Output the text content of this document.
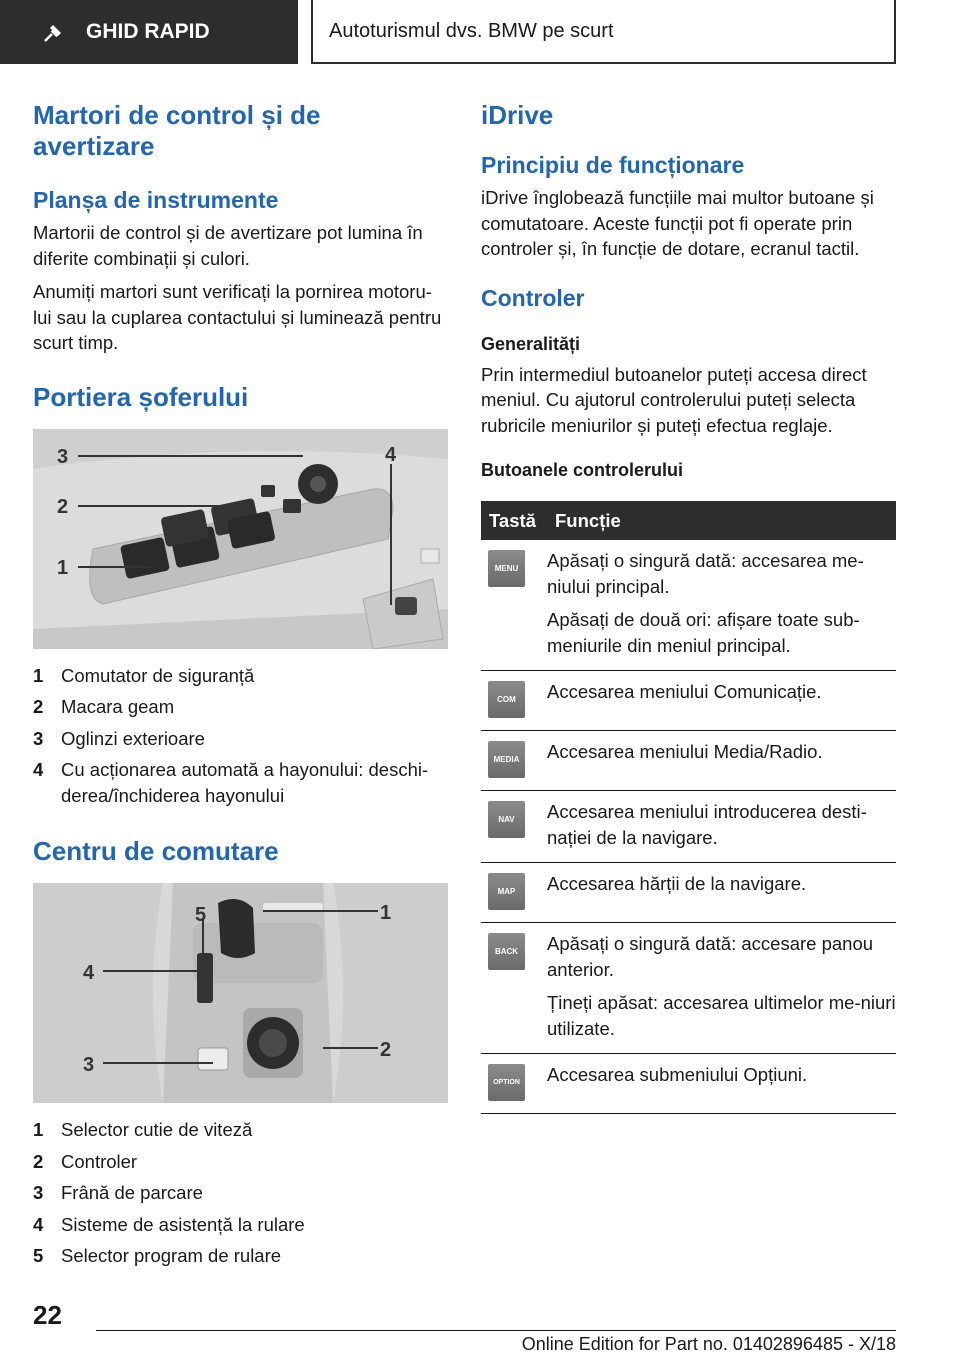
GHID RAPID	Autoturismul dvs. BMW pe scurt
Martori de control și de avertizare
Planșa de instrumente

Martorii de control și de avertizare pot lumina în diferite combinații și culori.

Anumiți martori sunt verificați la pornirea motoru-lui sau la cuplarea contactului și luminează pentru scurt timp.

Portiera șoferului
3
2
1
4
1 Comutator de siguranță
2 Macara geam
3 Oglinzi exterioare
4 Cu acționarea automată a hayonului: deschi-derea/închiderea hayonului
Centru de comutare
1
2
3
4
5
1 Selector cutie de viteză
2 Controler
3 Frână de parcare
4 Sisteme de asistență la rulare
5 Selector program de rulare
iDrive
Principiu de funcționare

iDrive înglobează funcțiile mai multor butoane și comutatoare. Aceste funcții pot fi operate prin controler și, în funcție de dotare, ecranul tactil.

Controler
Generalități

Prin intermediul butoanelor puteți accesa direct meniul. Cu ajutorul controlerului puteți selecta rubricile meniurilor și puteți efectua reglaje.

Butoanele controlerului
Tastă	Funcție

MENU	Apăsați o singură dată: accesarea me-niului principal.
Apăsați de două ori: afișare toate sub-meniurile din meniul principal.

COM	Accesarea meniului Comunicație.

MEDIA	Accesarea meniului Media/Radio.

NAV	Accesarea meniului introducerea desti-nației de la navigare.

MAP	Accesarea hărții de la navigare.

BACK	Apăsați o singură dată: accesare panou anterior.
Țineți apăsat: accesarea ultimelor me-niuri utilizate.

OPTION	Accesarea submeniului Opțiuni.
22
Online Edition for Part no. 01402896485 - X/18
